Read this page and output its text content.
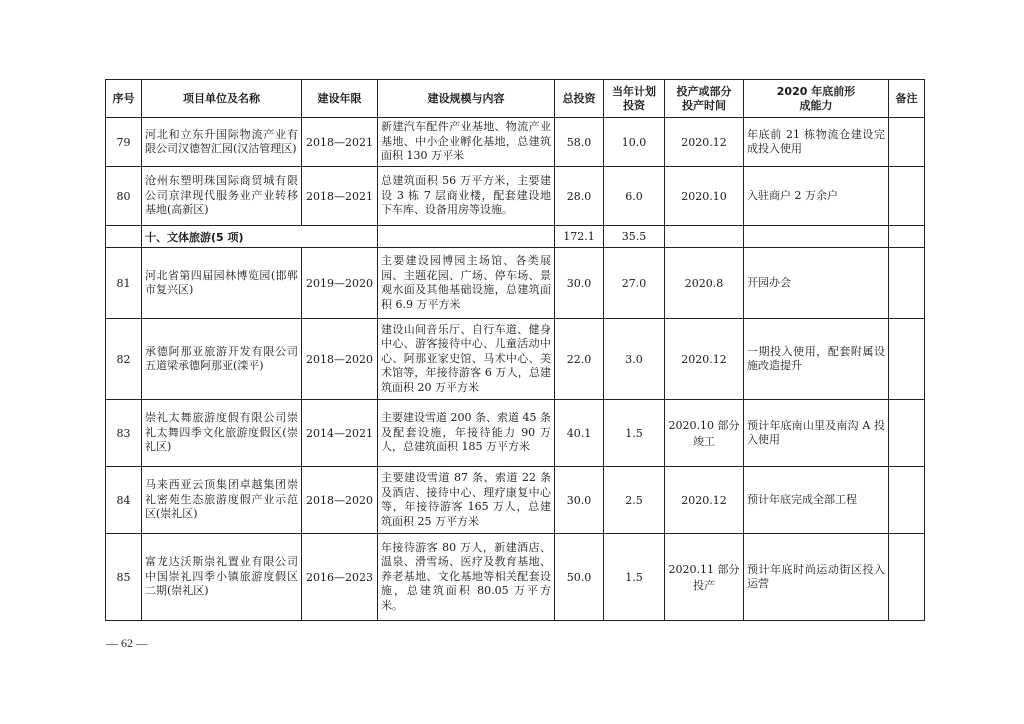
序号	项目单位及名称	建设年限	建设规模与内容	总投资	当年计划投资	投产或部分投产时间	2020 年底前形成能力	备注
79	河北和立东升国际物流产业有限公司汉德智汇园(汉沽管理区)	2018—2021	新建汽车配件产业基地、物流产业基地、中小企业孵化基地，总建筑面积 130 万平米	58.0	10.0	2020.12	年底前 21 栋物流仓建设完成投入使用	
80	沧州东塑明珠国际商贸城有限公司京津现代服务业产业转移基地(高新区)	2018—2021	总建筑面积 56 万平方米，主要建设 3 栋 7 层商业楼，配套建设地下车库、设备用房等设施。	28.0	6.0	2020.10	入驻商户 2 万余户	
	十、文体旅游(5 项)			172.1	35.5			
81	河北省第四届园林博览园(邯郸市复兴区)	2019—2020	主要建设园博园主场馆、各类展园、主题花园、广场、停车场、景观水面及其他基础设施，总建筑面积 6.9 万平方米	30.0	27.0	2020.8	开园办会	
82	承德阿那亚旅游开发有限公司五道梁承德阿那亚(滦平)	2018—2020	建设山间音乐厅、自行车道、健身中心、游客接待中心、儿童活动中心、阿那亚家史馆、马术中心、美术馆等，年接待游客 6 万人，总建筑面积 20 万平方米	22.0	3.0	2020.12	一期投入使用，配套附属设施改造提升	
83	崇礼太舞旅游度假有限公司崇礼太舞四季文化旅游度假区(崇礼区)	2014—2021	主要建设雪道 200 条、索道 45 条及配套设施，年接待能力 90 万人，总建筑面积 185 万平方米	40.1	1.5	2020.10 部分竣工	预计年底南山里及南沟 A 投入使用	
84	马来西亚云顶集团卓越集团崇礼密苑生态旅游度假产业示范区(崇礼区)	2018—2020	主要建设雪道 87 条、索道 22 条及酒店、接待中心、理疗康复中心等，年接待游客 165 万人，总建筑面积 25 万平方米	30.0	2.5	2020.12	预计年底完成全部工程	
85	富龙达沃斯崇礼置业有限公司中国崇礼四季小镇旅游度假区二期(崇礼区)	2016—2023	年接待游客 80 万人，新建酒店、温泉、滑雪场、医疗及教育基地、养老基地、文化基地等相关配套设施，总建筑面积 80.05 万平方米。	50.0	1.5	2020.11 部分投产	预计年底时尚运动街区投入运营	
— 62 —
